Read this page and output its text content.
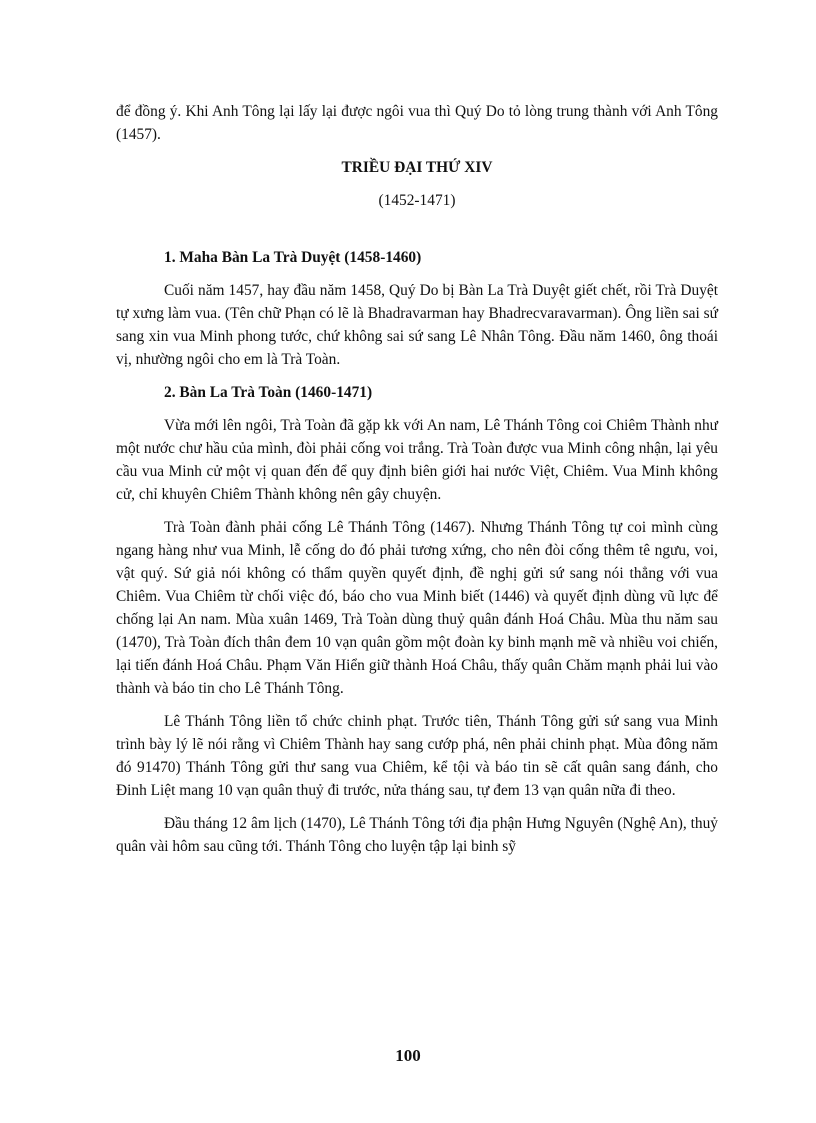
để đồng ý. Khi Anh Tông lại lấy lại được ngôi vua thì Quý Do tỏ lòng trung thành với Anh Tông (1457).

TRIỀU ĐẠI THỨ XIV
(1452-1471)
1. Maha Bàn La Trà Duyệt (1458-1460)

Cuối năm 1457, hay đầu năm 1458, Quý Do bị Bàn La Trà Duyệt giết chết, rồi Trà Duyệt tự xưng làm vua. (Tên chữ Phạn có lẽ là Bhadravarman hay Bhadrecvaravarman). Ông liền sai sứ sang xin vua Minh phong tước, chứ không sai sứ sang Lê Nhân Tông. Đầu năm 1460, ông thoái vị, nhường ngôi cho em là Trà Toàn.

2. Bàn La Trà Toàn (1460-1471)

Vừa mới lên ngôi, Trà Toàn đã gặp kk với An nam, Lê Thánh Tông coi Chiêm Thành như một nước chư hầu của mình, đòi phải cống voi trắng. Trà Toàn được vua Minh công nhận, lại yêu cầu vua Minh cử một vị quan đến để quy định biên giới hai nước Việt, Chiêm. Vua Minh không cử, chỉ khuyên Chiêm Thành không nên gây chuyện.

Trà Toàn đành phải cống Lê Thánh Tông (1467). Nhưng Thánh Tông tự coi mình cùng ngang hàng như vua Minh, lễ cống do đó phải tương xứng, cho nên đòi cống thêm tê ngưu, voi, vật quý. Sứ giả nói không có thẩm quyền quyết định, đề nghị gửi sứ sang nói thẳng với vua Chiêm. Vua Chiêm từ chối việc đó, báo cho vua Minh biết (1446) và quyết định dùng vũ lực để chống lại An nam. Mùa xuân 1469, Trà Toàn dùng thuỷ quân đánh Hoá Châu. Mùa thu năm sau (1470), Trà Toàn đích thân đem 10 vạn quân gồm một đoàn ky binh mạnh mẽ và nhiều voi chiến, lại tiến đánh Hoá Châu. Phạm Văn Hiển giữ thành Hoá Châu, thấy quân Chăm mạnh phải lui vào thành và báo tin cho Lê Thánh Tông.

Lê Thánh Tông liền tổ chức chinh phạt. Trước tiên, Thánh Tông gửi sứ sang vua Minh trình bày lý lẽ nói rằng vì Chiêm Thành hay sang cướp phá, nên phải chinh phạt. Mùa đông năm đó 91470) Thánh Tông gửi thư sang vua Chiêm, kể tội và báo tin sẽ cất quân sang đánh, cho Đinh Liệt mang 10 vạn quân thuỷ đi trước, nửa tháng sau, tự đem 13 vạn quân nữa đi theo.

Đầu tháng 12 âm lịch (1470), Lê Thánh Tông tới địa phận Hưng Nguyên (Nghệ An), thuỷ quân vài hôm sau cũng tới. Thánh Tông cho luyện tập lại binh sỹ

100
